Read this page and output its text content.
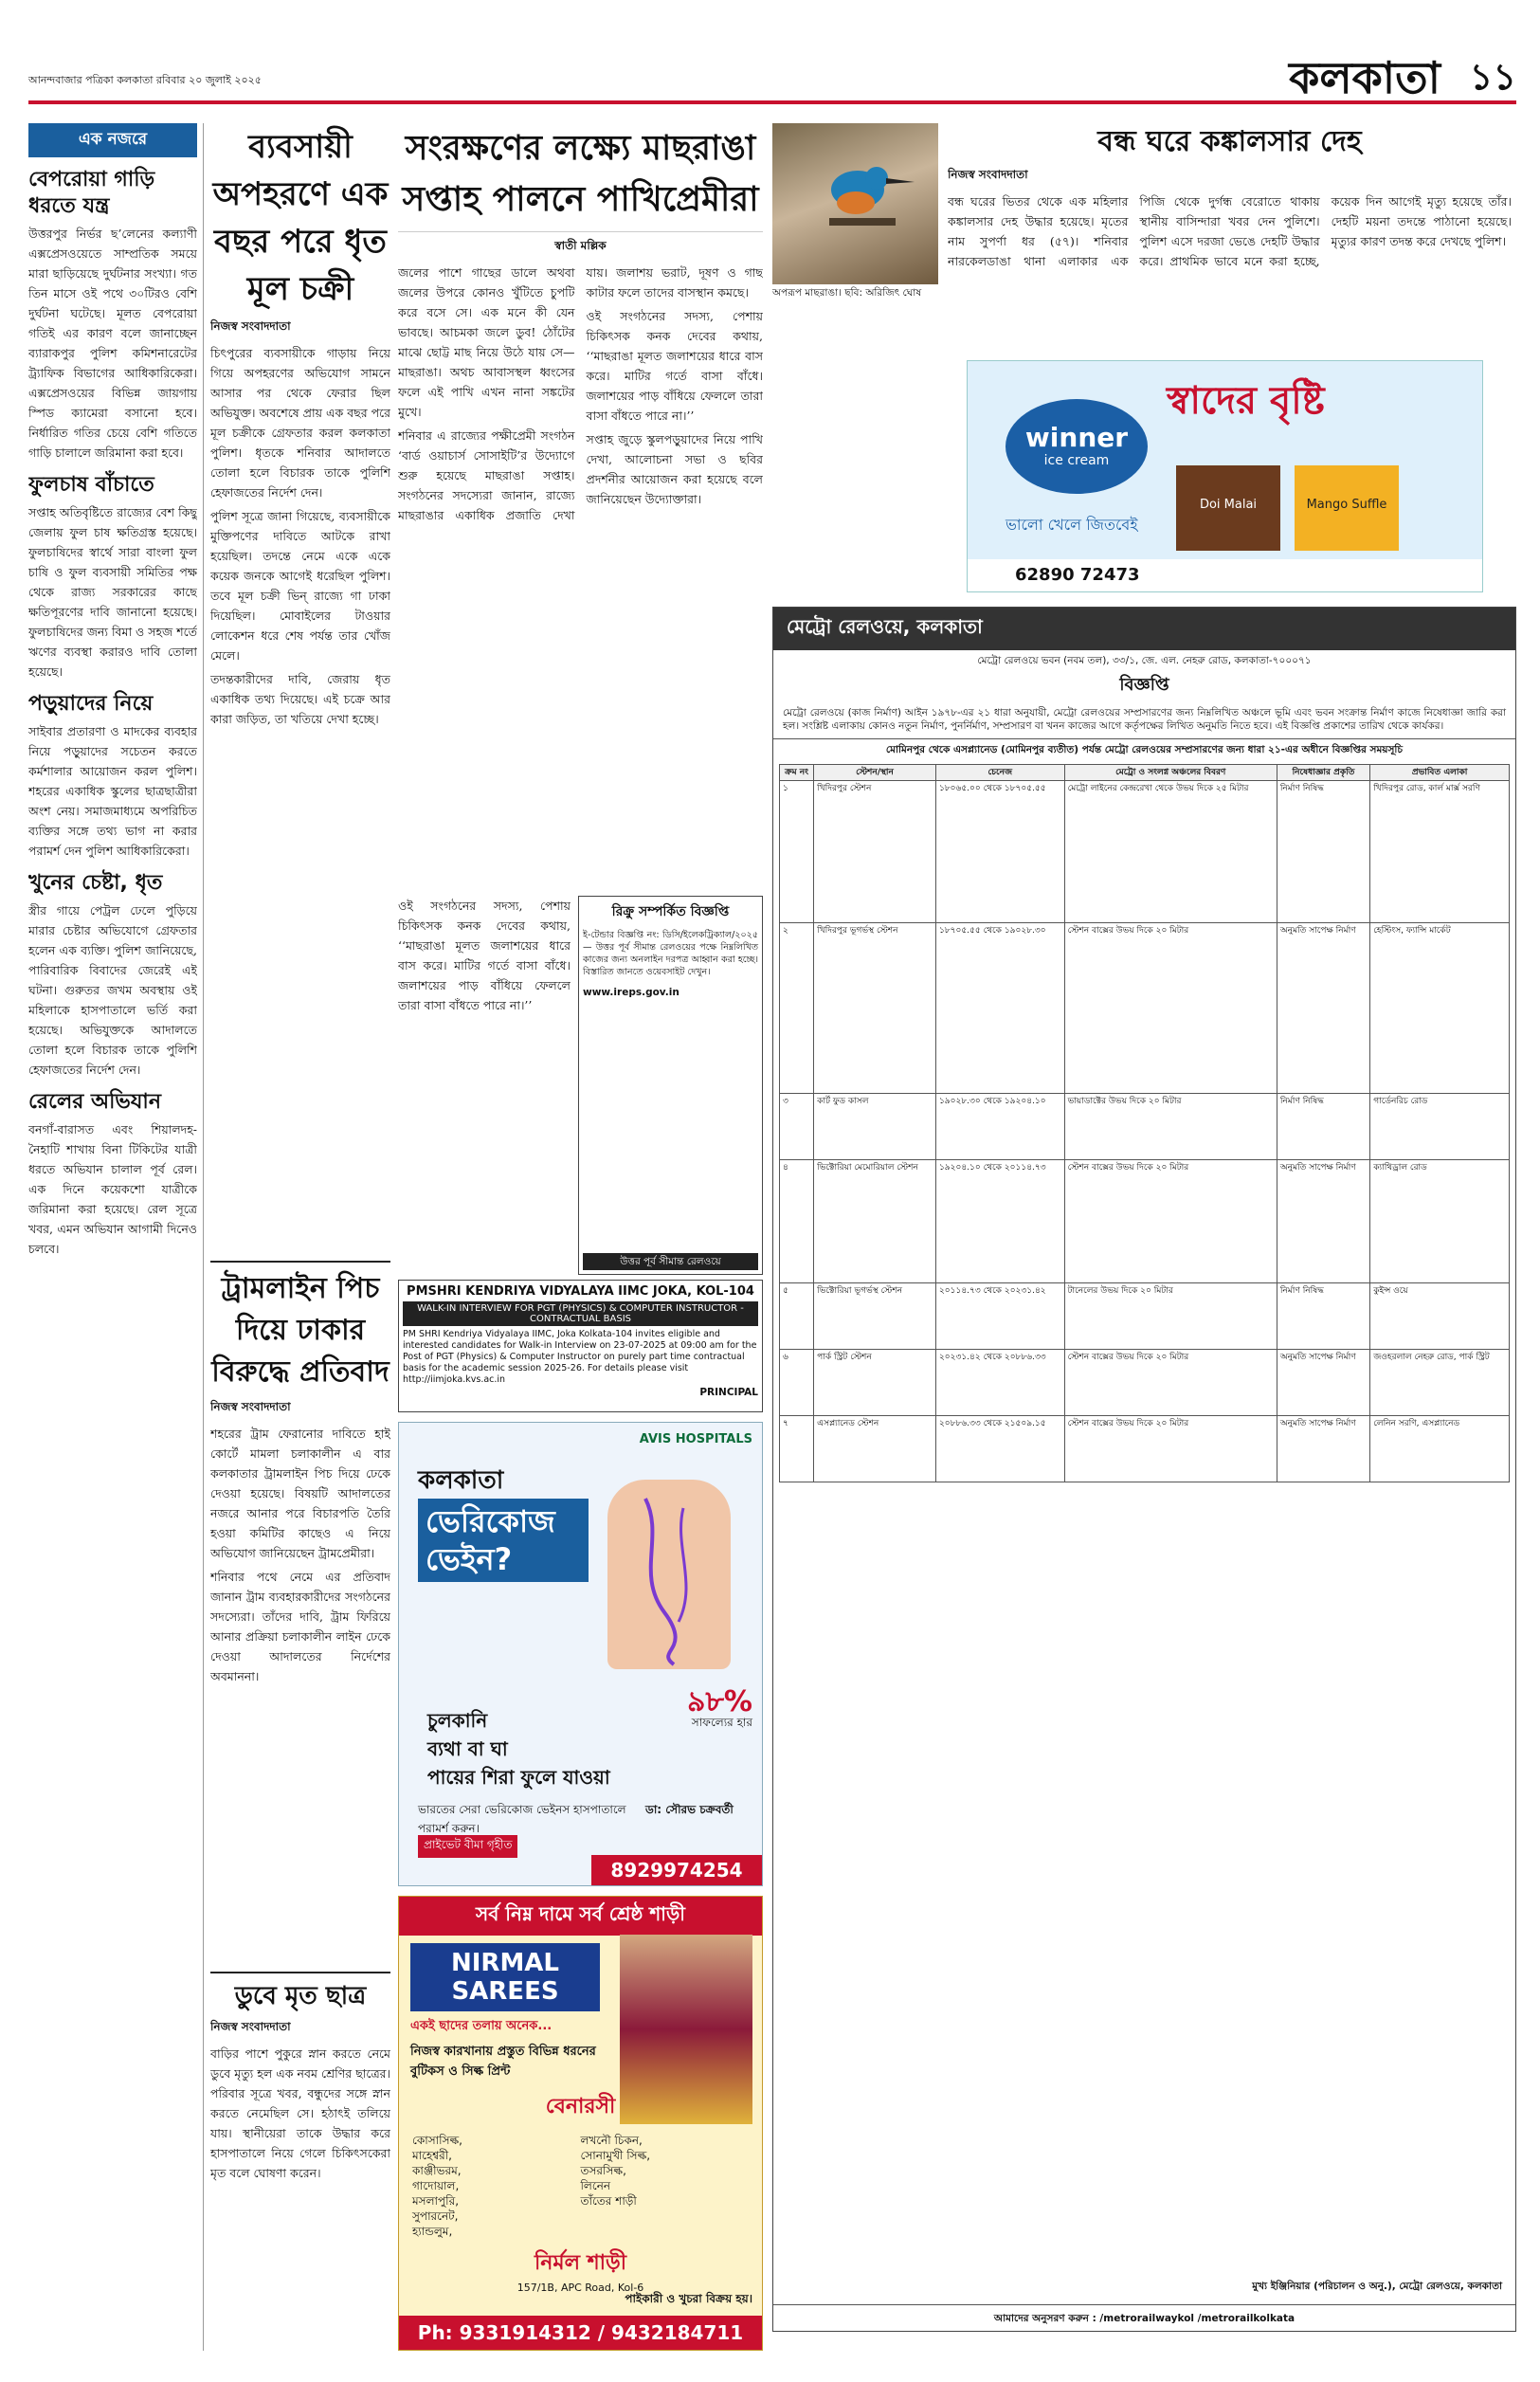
আনন্দবাজার পত্রিকা কলকাতা রবিবার ২০ জুলাই ২০২৫	কলকাতা ১১
এক নজরে
বেপরোয়া গাড়ি ধরতে যন্ত্র
উত্তরপুর নির্ভর ছ’লেনের কল্যাণী এক্সপ্রেসওয়েতে সাম্প্রতিক সময়ে মারা ছাড়িয়েছে দুর্ঘটনার সংখ্যা। গত তিন মাসে ওই পথে ৩০টিরও বেশি দুর্ঘটনা ঘটেছে। মূলত বেপরোয়া গতিই এর কারণ বলে জানাচ্ছেন ব্যারাকপুর পুলিশ কমিশনারেটের ট্র্যাফিক বিভাগের আধিকারিকেরা। এক্সপ্রেসওয়ের বিভিন্ন জায়গায় স্পিড ক্যামেরা বসানো হবে। নির্ধারিত গতির চেয়ে বেশি গতিতে গাড়ি চালালে জরিমানা করা হবে।
ফুলচাষ বাঁচাতে
সপ্তাহ অতিবৃষ্টিতে রাজ্যের বেশ কিছু জেলায় ফুল চাষ ক্ষতিগ্রস্ত হয়েছে। ফুলচাষিদের স্বার্থে সারা বাংলা ফুল চাষি ও ফুল ব্যবসায়ী সমিতির পক্ষ থেকে রাজ্য সরকারের কাছে ক্ষতিপূরণের দাবি জানানো হয়েছে। ফুলচাষিদের জন্য বিমা ও সহজ শর্তে ঋণের ব্যবস্থা করারও দাবি তোলা হয়েছে।
পড়ুয়াদের নিয়ে
সাইবার প্রতারণা ও মাদকের ব্যবহার নিয়ে পড়ুয়াদের সচেতন করতে কর্মশালার আয়োজন করল পুলিশ। শহরের একাধিক স্কুলের ছাত্রছাত্রীরা অংশ নেয়। সমাজমাধ্যমে অপরিচিত ব্যক্তির সঙ্গে তথ্য ভাগ না করার পরামর্শ দেন পুলিশ আধিকারিকেরা।
খুনের চেষ্টা, ধৃত
স্ত্রীর গায়ে পেট্রল ঢেলে পুড়িয়ে মারার চেষ্টার অভিযোগে গ্রেফতার হলেন এক ব্যক্তি। পুলিশ জানিয়েছে, পারিবারিক বিবাদের জেরেই এই ঘটনা। গুরুতর জখম অবস্থায় ওই মহিলাকে হাসপাতালে ভর্তি করা হয়েছে। অভিযুক্তকে আদালতে তোলা হলে বিচারক তাকে পুলিশি হেফাজতের নির্দেশ দেন।
রেলের অভিযান
বনগাঁ-বারাসত এবং শিয়ালদহ-নৈহাটি শাখায় বিনা টিকিটের যাত্রী ধরতে অভিযান চালাল পূর্ব রেল। এক দিনে কয়েকশো যাত্রীকে জরিমানা করা হয়েছে। রেল সূত্রে খবর, এমন অভিযান আগামী দিনেও চলবে।
ব্যবসায়ী অপহরণে এক বছর পরে ধৃত মূল চক্রী
নিজস্ব সংবাদদাতা

চিৎপুরের ব্যবসায়ীকে গাড়ায় নিয়ে গিয়ে অপহরণের অভিযোগ সামনে আসার পর থেকে ফেরার ছিল অভিযুক্ত। অবশেষে প্রায় এক বছর পরে মূল চক্রীকে গ্রেফতার করল কলকাতা পুলিশ। ধৃতকে শনিবার আদালতে তোলা হলে বিচারক তাকে পুলিশি হেফাজতের নির্দেশ দেন।

পুলিশ সূত্রে জানা গিয়েছে, ব্যবসায়ীকে মুক্তিপণের দাবিতে আটকে রাখা হয়েছিল। তদন্তে নেমে একে একে কয়েক জনকে আগেই ধরেছিল পুলিশ। তবে মূল চক্রী ভিন্ রাজ্যে গা ঢাকা দিয়েছিল। মোবাইলের টাওয়ার লোকেশন ধরে শেষ পর্যন্ত তার খোঁজ মেলে।

তদন্তকারীদের দাবি, জেরায় ধৃত একাধিক তথ্য দিয়েছে। এই চক্রে আর কারা জড়িত, তা খতিয়ে দেখা হচ্ছে।

ট্রামলাইন পিচ দিয়ে ঢাকার বিরুদ্ধে প্রতিবাদ
নিজস্ব সংবাদদাতা

শহরের ট্রাম ফেরানোর দাবিতে হাই কোর্টে মামলা চলাকালীন এ বার কলকাতার ট্রামলাইন পিচ দিয়ে ঢেকে দেওয়া হয়েছে। বিষয়টি আদালতের নজরে আনার পরে বিচারপতি তৈরি হওয়া কমিটির কাছেও এ নিয়ে অভিযোগ জানিয়েছেন ট্রামপ্রেমীরা।

শনিবার পথে নেমে এর প্রতিবাদ জানান ট্রাম ব্যবহারকারীদের সংগঠনের সদস্যেরা। তাঁদের দাবি, ট্রাম ফিরিয়ে আনার প্রক্রিয়া চলাকালীন লাইন ঢেকে দেওয়া আদালতের নির্দেশের অবমাননা।

ডুবে মৃত ছাত্র
নিজস্ব সংবাদদাতা
বাড়ির পাশে পুকুরে স্নান করতে নেমে ডুবে মৃত্যু হল এক নবম শ্রেণির ছাত্রের। পরিবার সূত্রে খবর, বন্ধুদের সঙ্গে স্নান করতে নেমেছিল সে। হঠাৎই তলিয়ে যায়। স্থানীয়েরা তাকে উদ্ধার করে হাসপাতালে নিয়ে গেলে চিকিৎসকেরা মৃত বলে ঘোষণা করেন।
সংরক্ষণের লক্ষ্যে মাছরাঙা সপ্তাহ পালনে পাখিপ্রেমীরা
স্বাতী মল্লিক

জলের পাশে গাছের ডালে অথবা জলের উপরে কোনও খুঁটিতে চুপটি করে বসে সে। এক মনে কী যেন ভাবছে। আচমকা জলে ডুব! ঠোঁটের মাঝে ছোট্ট মাছ নিয়ে উঠে যায় সে— মাছরাঙা। অথচ আবাসস্থল ধ্বংসের ফলে এই পাখি এখন নানা সঙ্কটের মুখে।

শনিবার এ রাজ্যের পক্ষীপ্রেমী সংগঠন ‘বার্ড ওয়াচার্স সোসাইটি’র উদ্যোগে শুরু হয়েছে মাছরাঙা সপ্তাহ। সংগঠনের সদস্যেরা জানান, রাজ্যে মাছরাঙার একাধিক প্রজাতি দেখা যায়। জলাশয় ভরাট, দূষণ ও গাছ কাটার ফলে তাদের বাসস্থান কমছে।

ওই সংগঠনের সদস্য, পেশায় চিকিৎসক কনক দেবের কথায়, ‘‘মাছরাঙা মূলত জলাশয়ের ধারে বাস করে। মাটির গর্তে বাসা বাঁধে। জলাশয়ের পাড় বাঁধিয়ে ফেললে তারা বাসা বাঁধতে পারে না।’’

সপ্তাহ জুড়ে স্কুলপড়ুয়াদের নিয়ে পাখি দেখা, আলোচনা সভা ও ছবির প্রদর্শনীর আয়োজন করা হয়েছে বলে জানিয়েছেন উদ্যোক্তারা।

অপরূপ মাছরাঙা। ছবি: অরিজিৎ ঘোষ
বন্ধ ঘরে কঙ্কালসার দেহ
নিজস্ব সংবাদদাতা
বন্ধ ঘরের ভিতর থেকে এক মহিলার কঙ্কালসার দেহ উদ্ধার হয়েছে। মৃতের নাম সুপর্ণা ধর (৫৭)। শনিবার নারকেলডাঙা থানা এলাকার এক পিজি থেকে দুর্গন্ধ বেরোতে থাকায় স্থানীয় বাসিন্দারা খবর দেন পুলিশে। পুলিশ এসে দরজা ভেঙে দেহটি উদ্ধার করে। প্রাথমিক ভাবে মনে করা হচ্ছে, কয়েক দিন আগেই মৃত্যু হয়েছে তাঁর। দেহটি ময়না তদন্তে পাঠানো হয়েছে। মৃত্যুর কারণ তদন্ত করে দেখছে পুলিশ।
winner
ice cream
স্বাদের বৃষ্টি
Doi Malai	Mango Suffle
ভালো খেলে জিতবেই
62890 72473
মেট্রো রেলওয়ে, কলকাতা
মেট্রো রেলওয়ে ভবন (নবম তল), ৩৩/১, জে. এল. নেহরু রোড, কলকাতা-৭০০০৭১
বিজ্ঞপ্তি
মেট্রো রেলওয়ে (কাজ নির্মাণ) আইন ১৯৭৮-এর ২১ ধারা অনুযায়ী, মেট্রো রেলওয়ের সম্প্রসারণের জন্য নিম্নলিখিত অঞ্চলে ভূমি এবং ভবন সংক্রান্ত নির্মাণ কাজে নিষেধাজ্ঞা জারি করা হল। সংশ্লিষ্ট এলাকায় কোনও নতুন নির্মাণ, পুনর্নির্মাণ, সম্প্রসারণ বা খনন কাজের আগে কর্তৃপক্ষের লিখিত অনুমতি নিতে হবে। এই বিজ্ঞপ্তি প্রকাশের তারিখ থেকে কার্যকর।
মোমিনপুর থেকে এসপ্ল্যানেড (মোমিনপুর ব্যতীত) পর্যন্ত মেট্রো রেলওয়ের সম্প্রসারণের জন্য ধারা ২১-এর অধীনে বিজ্ঞপ্তির সময়সূচি
ক্রম নং	স্টেশন/স্থান	চেনেজ	মেট্রো ও সংলগ্ন অঞ্চলের বিবরণ	নিষেধাজ্ঞার প্রকৃতি	প্রভাবিত এলাকা
১	খিদিরপুর স্টেশন	১৮০৬৫.০০ থেকে ১৮৭০৫.৫৫	মেট্রো লাইনের কেন্দ্ররেখা থেকে উভয় দিকে ২৫ মিটার	নির্মাণ নিষিদ্ধ	খিদিরপুর রোড, কার্ল মার্ক্স সরণি
২	খিদিরপুর ভূগর্ভস্থ স্টেশন	১৮৭০৫.৫৫ থেকে ১৯০২৮.৩০	স্টেশন বাক্সের উভয় দিকে ২০ মিটার	অনুমতি সাপেক্ষ নির্মাণ	হেস্টিংস, ফ্যান্সি মার্কেট
৩	কার্ট ফুড কাসল	১৯০২৮.৩০ থেকে ১৯২০৪.১০	ভায়াডাক্টের উভয় দিকে ২০ মিটার	নির্মাণ নিষিদ্ধ	গার্ডেনরিচ রোড
৪	ভিক্টোরিয়া মেমোরিয়াল স্টেশন	১৯২০৪.১০ থেকে ২০১১৪.৭৩	স্টেশন বাক্সের উভয় দিকে ২০ মিটার	অনুমতি সাপেক্ষ নির্মাণ	ক্যাথিড্রাল রোড
৫	ভিক্টোরিয়া ভূগর্ভস্থ স্টেশন	২০১১৪.৭৩ থেকে ২০২৩১.৪২	টানেলের উভয় দিকে ২০ মিটার	নির্মাণ নিষিদ্ধ	কুইন্স ওয়ে
৬	পার্ক স্ট্রিট স্টেশন	২০২৩১.৪২ থেকে ২০৮৮৬.৩৩	স্টেশন বাক্সের উভয় দিকে ২০ মিটার	অনুমতি সাপেক্ষ নির্মাণ	জওহরলাল নেহরু রোড, পার্ক স্ট্রিট
৭	এসপ্ল্যানেড স্টেশন	২০৮৮৬.৩৩ থেকে ২১৫০৯.১৫	স্টেশন বাক্সের উভয় দিকে ২০ মিটার	অনুমতি সাপেক্ষ নির্মাণ	লেনিন সরণি, এসপ্ল্যানেড
মুখ্য ইঞ্জিনিয়ার (পরিচালন ও অনু.), মেট্রো রেলওয়ে, কলকাতা
আমাদের অনুসরণ করুন : /metrorailwaykol /metrorailkolkata
রিক্রু সম্পর্কিত বিজ্ঞপ্তি
ই-টেন্ডার বিজ্ঞপ্তি নং: ডিসি/ইলেকট্রিক্যাল/২০২৫ — উত্তর পূর্ব সীমান্ত রেলওয়ের পক্ষে নিম্নলিখিত কাজের জন্য অনলাইন দরপত্র আহ্বান করা হচ্ছে। বিস্তারিত জানতে ওয়েবসাইট দেখুন।
www.ireps.gov.in
উত্তর পূর্ব সীমান্ত রেলওয়ে

ওই সংগঠনের সদস্য, পেশায় চিকিৎসক কনক দেবের কথায়, ‘‘মাছরাঙা মূলত জলাশয়ের ধারে বাস করে। মাটির গর্তে বাসা বাঁধে। জলাশয়ের পাড় বাঁধিয়ে ফেললে তারা বাসা বাঁধতে পারে না।’’

PMSHRI KENDRIYA VIDYALAYA IIMC JOKA, KOL-104
WALK-IN INTERVIEW FOR PGT (PHYSICS) & COMPUTER INSTRUCTOR - CONTRACTUAL BASIS
PM SHRI Kendriya Vidyalaya IIMC, Joka Kolkata-104 invites eligible and interested candidates for Walk-in Interview on 23-07-2025 at 09:00 am for the Post of PGT (Physics) & Computer Instructor on purely part time contractual basis for the academic session 2025-26. For details please visit http://iimjoka.kvs.ac.in
PRINCIPAL
AVIS HOSPITALS
কলকাতা
ভেরিকোজ ভেইন?
৯৮%
সাফল্যের হার
চুলকানি
ব্যথা বা ঘা
পায়ের শিরা ফুলে যাওয়া
ভারতের সেরা ভেরিকোজ ভেইনস হাসপাতালে পরামর্শ করুন।
প্রাইভেট বীমা গৃহীত
ডা: সৌরভ চক্রবর্তী
8929974254
সর্ব নিম্ন দামে সর্ব শ্রেষ্ঠ শাড়ী
NIRMAL SAREES
একই ছাদের তলায় অনেক...
নিজস্ব কারখানায় প্রস্তুত বিভিন্ন ধরনের বুটিকস ও সিল্ক প্রিন্ট
বেনারসী
কোসাসিল্ক,
মাহেশ্বরী,
কাঞ্জীভরম,
গাদোয়াল,
মসলাপুরি,
সুপারনেট,
হ্যান্ডলুম,
লখনৌ চিকন,
সোনামুখী সিল্ক,
তসরসিল্ক,
লিনেন
তাঁতের শাড়ী
নির্মল শাড়ী
157/1B, APC Road, Kol-6
পাইকারী ও খুচরা বিক্রয় হয়।
Ph: 9331914312 / 9432184711
